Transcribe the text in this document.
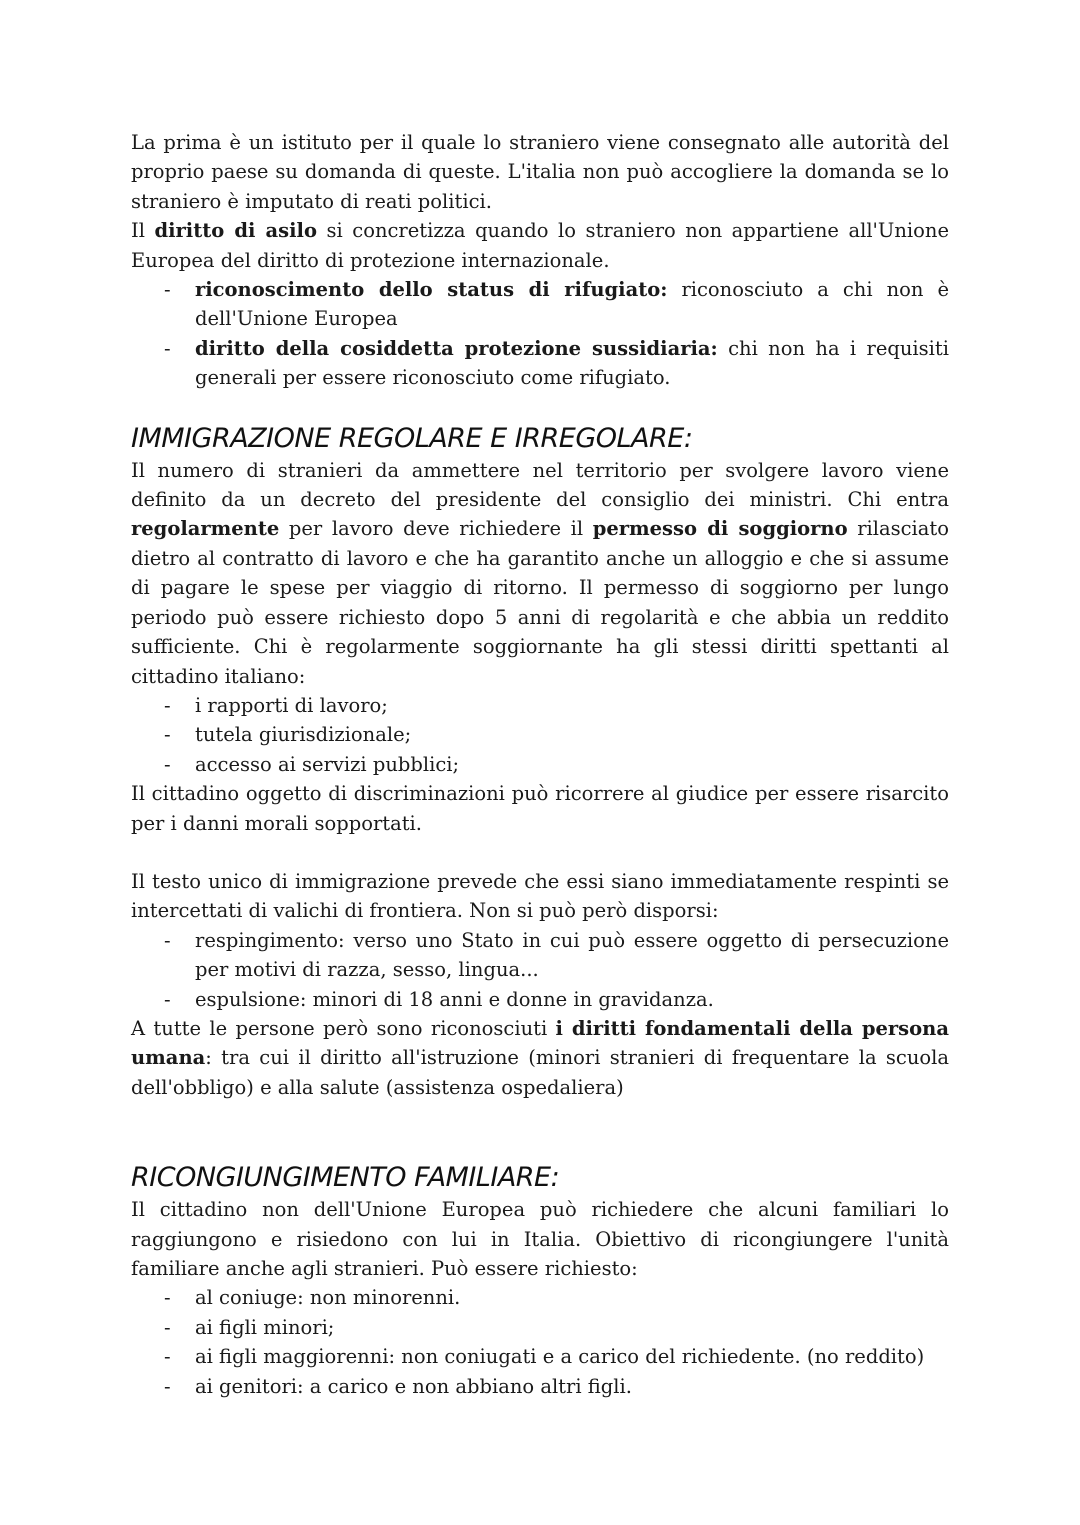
La prima è un istituto per il quale lo straniero viene consegnato alle autorità del proprio paese su domanda di queste. L'italia non può accogliere la domanda se lo straniero è imputato di reati politici.

Il diritto di asilo si concretizza quando lo straniero non appartiene all'Unione Europea del diritto di protezione internazionale.

- riconoscimento dello status di rifugiato: riconosciuto a chi non è dell'Unione Europea
- diritto della cosiddetta protezione sussidiaria: chi non ha i requisiti generali per essere riconosciuto come rifugiato.
IMMIGRAZIONE REGOLARE E IRREGOLARE:

Il numero di stranieri da ammettere nel territorio per svolgere lavoro viene definito da un decreto del presidente del consiglio dei ministri. Chi entra regolarmente per lavoro deve richiedere il permesso di soggiorno rilasciato dietro al contratto di lavoro e che ha garantito anche un alloggio e che si assume di pagare le spese per viaggio di ritorno. Il permesso di soggiorno per lungo periodo può essere richiesto dopo 5 anni di regolarità e che abbia un reddito sufficiente. Chi è regolarmente soggiornante ha gli stessi diritti spettanti al cittadino italiano:

- i rapporti di lavoro;
- tutela giurisdizionale;
- accesso ai servizi pubblici;

Il cittadino oggetto di discriminazioni può ricorrere al giudice per essere risarcito per i danni morali sopportati.

Il testo unico di immigrazione prevede che essi siano immediatamente respinti se intercettati di valichi di frontiera. Non si può però disporsi:

- respingimento: verso uno Stato in cui può essere oggetto di persecuzione per motivi di razza, sesso, lingua...
- espulsione: minori di 18 anni e donne in gravidanza.

A tutte le persone però sono riconosciuti i diritti fondamentali della persona umana: tra cui il diritto all'istruzione (minori stranieri di frequentare la scuola dell'obbligo) e alla salute (assistenza ospedaliera)

RICONGIUNGIMENTO FAMILIARE:

Il cittadino non dell'Unione Europea può richiedere che alcuni familiari lo raggiungono e risiedono con lui in Italia. Obiettivo di ricongiungere l'unità familiare anche agli stranieri. Può essere richiesto:

- al coniuge: non minorenni.
- ai figli minori;
- ai figli maggiorenni: non coniugati e a carico del richiedente. (no reddito)
- ai genitori: a carico e non abbiano altri figli.
